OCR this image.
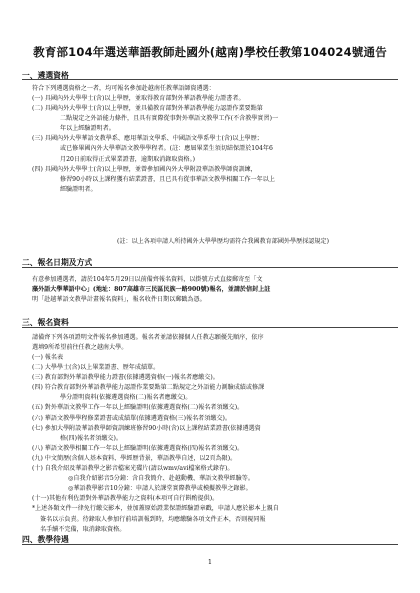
教育部104年選送華語教師赴國外(越南)學校任教第104024號通告
一、遴選資格

符合下列遴選資格之一者，均可報名參加赴越南任教華語師資遴選：

(一) 具國內外大學學士(含)以上學歷，並取得教育部對外華語教學能力證書者。

(二) 具國內外大學學士(含)以上學歷，並具備教育部對外華語教學能力認證作業要點第

二點規定之外語能力條件，且具有實際從事對外華語文教學工作(不含教學實習)一

年以上經驗證明者。

(三) 具國內外大學華語文教學系、應用華語文學系、中國語文學系學士(含)以上學歷；

或已修畢國內外大學華語文教學學程者。(註：應屆畢業生須切結保證於104年6

月20日前取得正式畢業證書，逾期取消錄取資格。)

(四) 具國內外大學學士(含)以上學歷，並曾參加國內外大學附設華語教學師資訓練，

修習90小時以上課程獲有結業證書，且已具有從事華語文教學相關工作一年以上

經驗證明者。

(註：以上各項申請人所持國外大學學歷均需符合我國教育部國外學歷採認規定)

二、報名日期及方式

有意參加遴選者，請於104年5月29日以前備齊報名資料，以掛號方式直接郵寄至「文

藻外語大學華語中心」(地址：807高雄市三民區民族一路900號)報名，並請於信封上註

明「赴越華語文教學計畫報名資料」，報名收件日期以郵戳為憑。

三、報名資料

請備齊下列各項證明文件報名參加遴選。報名者並請依據個人任教志願優先順序，依序

選填9所希望前往任教之越南大學。

(一) 報名表

(二) 大學學士(含)以上畢業證書、歷年成績單。

(三) 教育部對外華語教學能力證書(依據遴選資格(一)報名者應繳交)。

(四) 符合教育部對外華語教學能力認證作業要點第二點規定之外語能力測驗成績或修課

學分證明資料(依據遴選資格(二)報名者應繳交)。

(五) 對外華語文教學工作一年以上經驗證明(依據遴選資格(二)報名者須繳交)。

(六) 華語文教學學程修業證書或成績單(依據遴選資格(三)報名者須繳交)。

(七) 參加大學附設華語教學師資訓練班修習90小時(含)以上課程結業證書(依據遴選資

格(四)報名者須繳交)。

(八) 華語文教學相關工作一年以上經驗證明(依據遴選資格(四)報名者須繳交)。

(九) 中文簡歷(含個人基本資料、學經歷背景，華語教學自述，以2頁為限)。

(十) 自我介紹及華語教學之影音檔案光碟片(請以wmv/avi檔案格式錄存)。

◎自我介紹影音5分鐘：含自我簡介、赴越動機、華語文教學經驗等。

◎華語教學影音10分鐘：申請人於課堂實際教學或模擬教學之錄影。

(十一)其他有利佐證對外華語教學能力之資料(本項可自行斟酌提供)。

*上述各類文件一律免行繳交影本，並加蓋原始證業保證經驗證章戳，申請人應於影本上親自

簽名以示負責。待錄取人參加行前培訓報到時，均應繳驗各項文件正本，否則視同報

名手續不完備，取消錄取資格。

四、教學待遇
1
